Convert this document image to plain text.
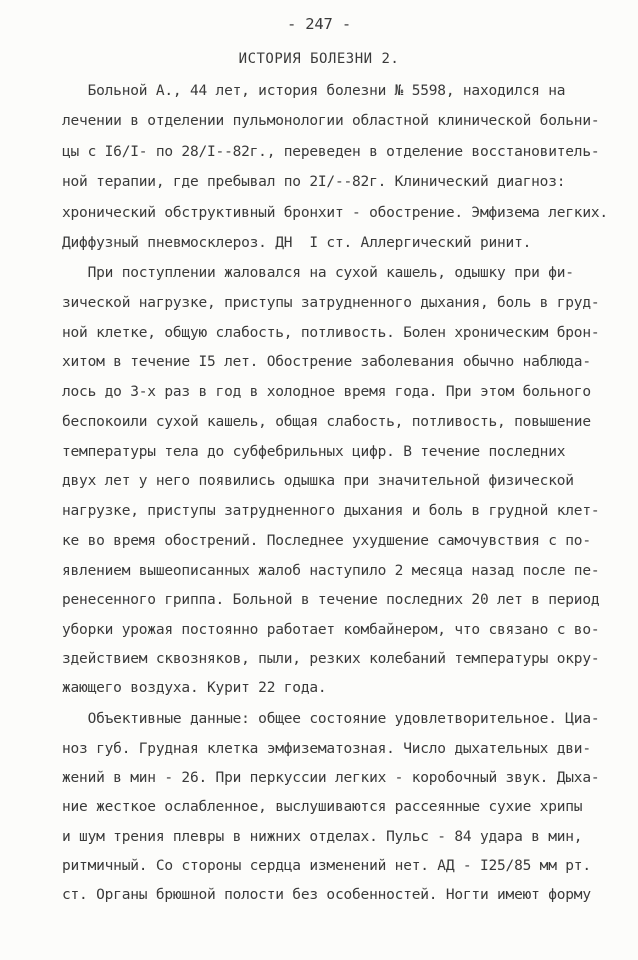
- 247 -
ИСТОРИЯ БОЛЕЗНИ 2.
Больной А., 44 лет, история болезни № 5598, находился на
лечении в отделении пульмонологии областной клинической больни-
цы с I6/I- по 28/I--82г., переведен в отделение восстановитель-
ной терапии, где пребывал по 2I/--82г. Клинический диагноз:
хронический обструктивный бронхит - обострение. Эмфизема легких.
Диффузный пневмосклероз. ДН  I ст. Аллергический ринит.
При поступлении жаловался на сухой кашель, одышку при фи-
зической нагрузке, приступы затрудненного дыхания, боль в груд-
ной клетке, общую слабость, потливость. Болен хроническим брон-
хитом в течение I5 лет. Обострение заболевания обычно наблюда-
лось до 3-х раз в год в холодное время года. При этом больного
беспокоили сухой кашель, общая слабость, потливость, повышение
температуры тела до субфебрильных цифр. В течение последних
двух лет у него появились одышка при значительной физической
нагрузке, приступы затрудненного дыхания и боль в грудной клет-
ке во время обострений. Последнее ухудшение самочувствия с по-
явлением вышеописанных жалоб наступило 2 месяца назад после пе-
ренесенного гриппа. Больной в течение последних 20 лет в период
уборки урожая постоянно работает комбайнером, что связано с во-
здействием сквозняков, пыли, резких колебаний температуры окру-
жающего воздуха. Курит 22 года.
Объективные данные: общее состояние удовлетворительное. Циа-
ноз губ. Грудная клетка эмфизематозная. Число дыхательных дви-
жений в мин - 26. При перкуссии легких - коробочный звук. Дыха-
ние жесткое ослабленное, выслушиваются рассеянные сухие хрипы
и шум трения плевры в нижних отделах. Пульс - 84 удара в мин,
ритмичный. Со стороны сердца изменений нет. АД - I25/85 мм рт.
ст. Органы брюшной полости без особенностей. Ногти имеют форму
